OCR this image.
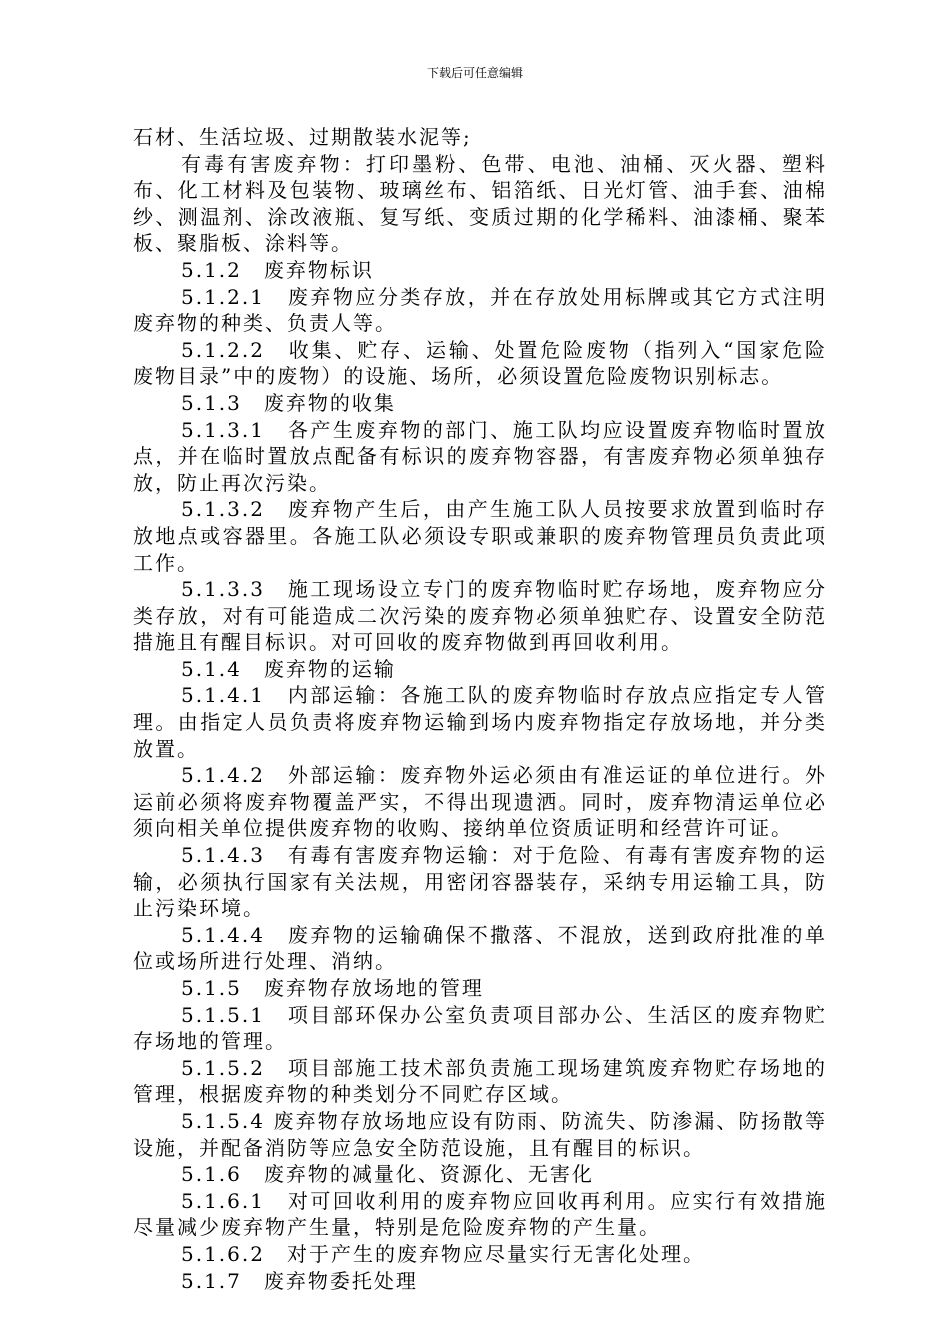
下载后可任意编辑

石材、生活垃圾、过期散装水泥等;

有毒有害废弃物：打印墨粉、色带、电池、油桶、灭火器、塑料布、化工材料及包装物、玻璃丝布、铝箔纸、日光灯管、油手套、油棉纱、测温剂、涂改液瓶、复写纸、变质过期的化学稀料、油漆桶、聚苯板、聚脂板、涂料等。

5.1.2　废弃物标识

5.1.2.1　废弃物应分类存放，并在存放处用标牌或其它方式注明废弃物的种类、负责人等。

5.1.2.2　收集、贮存、运输、处置危险废物（指列入“国家危险废物目录”中的废物）的设施、场所，必须设置危险废物识别标志。

5.1.3　废弃物的收集

5.1.3.1　各产生废弃物的部门、施工队均应设置废弃物临时置放点，并在临时置放点配备有标识的废弃物容器，有害废弃物必须单独存放，防止再次污染。

5.1.3.2　废弃物产生后，由产生施工队人员按要求放置到临时存放地点或容器里。各施工队必须设专职或兼职的废弃物管理员负责此项工作。

5.1.3.3　施工现场设立专门的废弃物临时贮存场地，废弃物应分类存放，对有可能造成二次污染的废弃物必须单独贮存、设置安全防范措施且有醒目标识。对可回收的废弃物做到再回收利用。

5.1.4　废弃物的运输

5.1.4.1　内部运输：各施工队的废弃物临时存放点应指定专人管理。由指定人员负责将废弃物运输到场内废弃物指定存放场地，并分类放置。

5.1.4.2　外部运输：废弃物外运必须由有准运证的单位进行。外运前必须将废弃物覆盖严实，不得出现遗洒。同时，废弃物清运单位必须向相关单位提供废弃物的收购、接纳单位资质证明和经营许可证。

5.1.4.3　有毒有害废弃物运输：对于危险、有毒有害废弃物的运输，必须执行国家有关法规，用密闭容器装存，采纳专用运输工具，防止污染环境。

5.1.4.4　废弃物的运输确保不撒落、不混放，送到政府批准的单位或场所进行处理、消纳。

5.1.5　废弃物存放场地的管理

5.1.5.1　项目部环保办公室负责项目部办公、生活区的废弃物贮存场地的管理。

5.1.5.2　项目部施工技术部负责施工现场建筑废弃物贮存场地的管理，根据废弃物的种类划分不同贮存区域。

5.1.5.4 废弃物存放场地应设有防雨、防流失、防渗漏、防扬散等设施，并配备消防等应急安全防范设施，且有醒目的标识。

5.1.6　废弃物的减量化、资源化、无害化

5.1.6.1　对可回收利用的废弃物应回收再利用。应实行有效措施尽量减少废弃物产生量，特别是危险废弃物的产生量。

5.1.6.2　对于产生的废弃物应尽量实行无害化处理。

5.1.7　废弃物委托处理
